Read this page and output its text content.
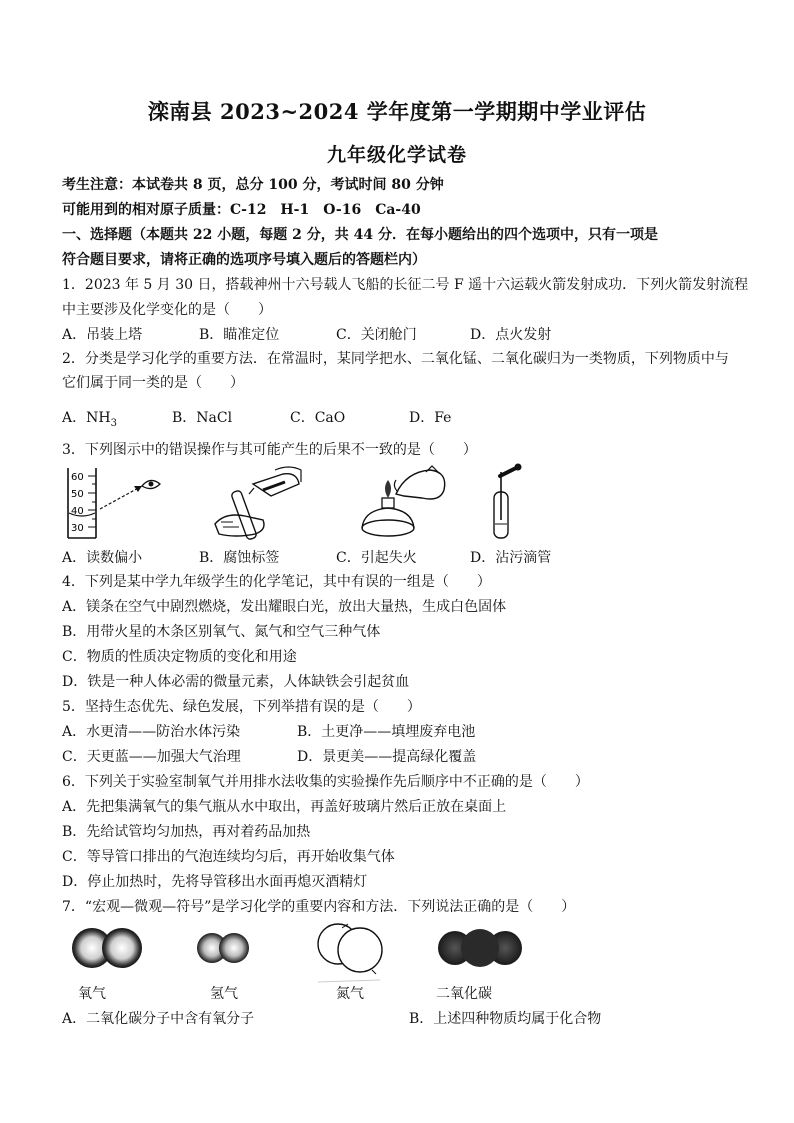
滦南县 2023~2024 学年度第一学期期中学业评估
九年级化学试卷
考生注意：本试卷共 8 页，总分 100 分，考试时间 80 分钟
可能用到的相对原子质量：C-12　H-1　O-16　Ca-40
一、选择题（本题共 22 小题，每题 2 分，共 44 分．在每小题给出的四个选项中，只有一项是
符合题目要求，请将正确的选项序号填入题后的答题栏内）
1．2023 年 5 月 30 日，搭载神州十六号载人飞船的长征二号 F 遥十六运载火箭发射成功．下列火箭发射流程
中主要涉及化学变化的是（　　）
A．吊装上塔	B．瞄准定位	C．关闭舱门	D．点火发射
2．分类是学习化学的重要方法．在常温时，某同学把水、二氧化锰、二氧化碳归为一类物质，下列物质中与
它们属于同一类的是（　　）
A．$NH_3$	B．NaCl	C．CaO	D．Fe
3．下列图示中的错误操作与其可能产生的后果不一致的是（　　）
60
50
40
30
A．读数偏小	B．腐蚀标签	C．引起失火	D．沾污滴管
4．下列是某中学九年级学生的化学笔记，其中有误的一组是（　　）
A．镁条在空气中剧烈燃烧，发出耀眼白光，放出大量热，生成白色固体
B．用带火星的木条区别氧气、氮气和空气三种气体
C．物质的性质决定物质的变化和用途
D．铁是一种人体必需的微量元素，人体缺铁会引起贫血
5．坚持生态优先、绿色发展，下列举措有误的是（　　）
A．水更清——防治水体污染	B．土更净——填埋废弃电池
C．天更蓝——加强大气治理	D．景更美——提高绿化覆盖
6．下列关于实验室制氧气并用排水法收集的实验操作先后顺序中不正确的是（　　）
A．先把集满氧气的集气瓶从水中取出，再盖好玻璃片然后正放在桌面上
B．先给试管均匀加热，再对着药品加热
C．等导管口排出的气泡连续均匀后，再开始收集气体
D．停止加热时，先将导管移出水面再熄灭酒精灯
7．“宏观—微观—符号”是学习化学的重要内容和方法．下列说法正确的是（　　）
氧气	氢气	氮气	二氧化碳
A．二氧化碳分子中含有氧分子	B．上述四种物质均属于化合物
